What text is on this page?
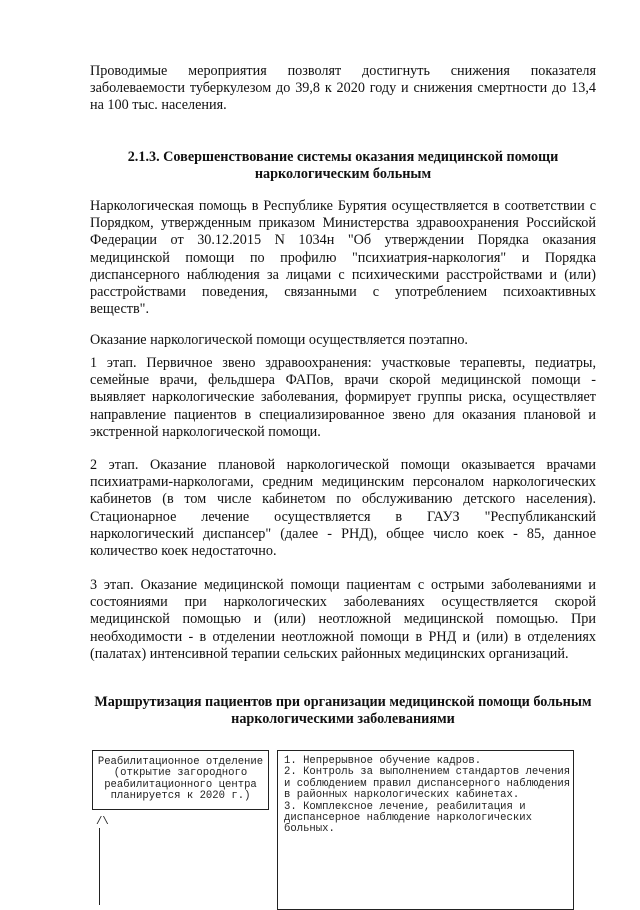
Проводимые мероприятия позволят достигнуть снижения показателя заболеваемости туберкулезом до 39,8 к 2020 году и снижения смертности до 13,4 на 100 тыс. населения.

2.1.3. Совершенствование системы оказания медицинской помощи наркологическим больным

Наркологическая помощь в Республике Бурятия осуществляется в соответствии с Порядком, утвержденным приказом Министерства здравоохранения Российской Федерации от 30.12.2015 N 1034н "Об утверждении Порядка оказания медицинской помощи по профилю "психиатрия-наркология" и Порядка диспансерного наблюдения за лицами с психическими расстройствами и (или) расстройствами поведения, связанными с употреблением психоактивных веществ".

Оказание наркологической помощи осуществляется поэтапно.

1 этап. Первичное звено здравоохранения: участковые терапевты, педиатры, семейные врачи, фельдшера ФАПов, врачи скорой медицинской помощи - выявляет наркологические заболевания, формирует группы риска, осуществляет направление пациентов в специализированное звено для оказания плановой и экстренной наркологической помощи.

2 этап. Оказание плановой наркологической помощи оказывается врачами психиатрами-наркологами, средним медицинским персоналом наркологических кабинетов (в том числе кабинетом по обслуживанию детского населения). Стационарное лечение осуществляется в ГАУЗ "Республиканский наркологический диспансер" (далее - РНД), общее число коек - 85, данное количество коек недостаточно.

3 этап. Оказание медицинской помощи пациентам с острыми заболеваниями и состояниями при наркологических заболеваниях осуществляется скорой медицинской помощью и (или) неотложной медицинской помощью. При необходимости - в отделении неотложной помощи в РНД и (или) в отделениях (палатах) интенсивной терапии сельских районных медицинских организаций.

Маршрутизация пациентов при организации медицинской помощи больным наркологическими заболеваниями

Реабилитационное отделение (открытие загородного реабилитационного центра планируется к 2020 г.)
1. Непрерывное обучение кадров.
2. Контроль за выполнением стандартов лечения и соблюдением правил диспансерного наблюдения в районных наркологических кабинетах.
3. Комплексное лечение, реабилитация и диспансерное наблюдение наркологических больных.
/\
